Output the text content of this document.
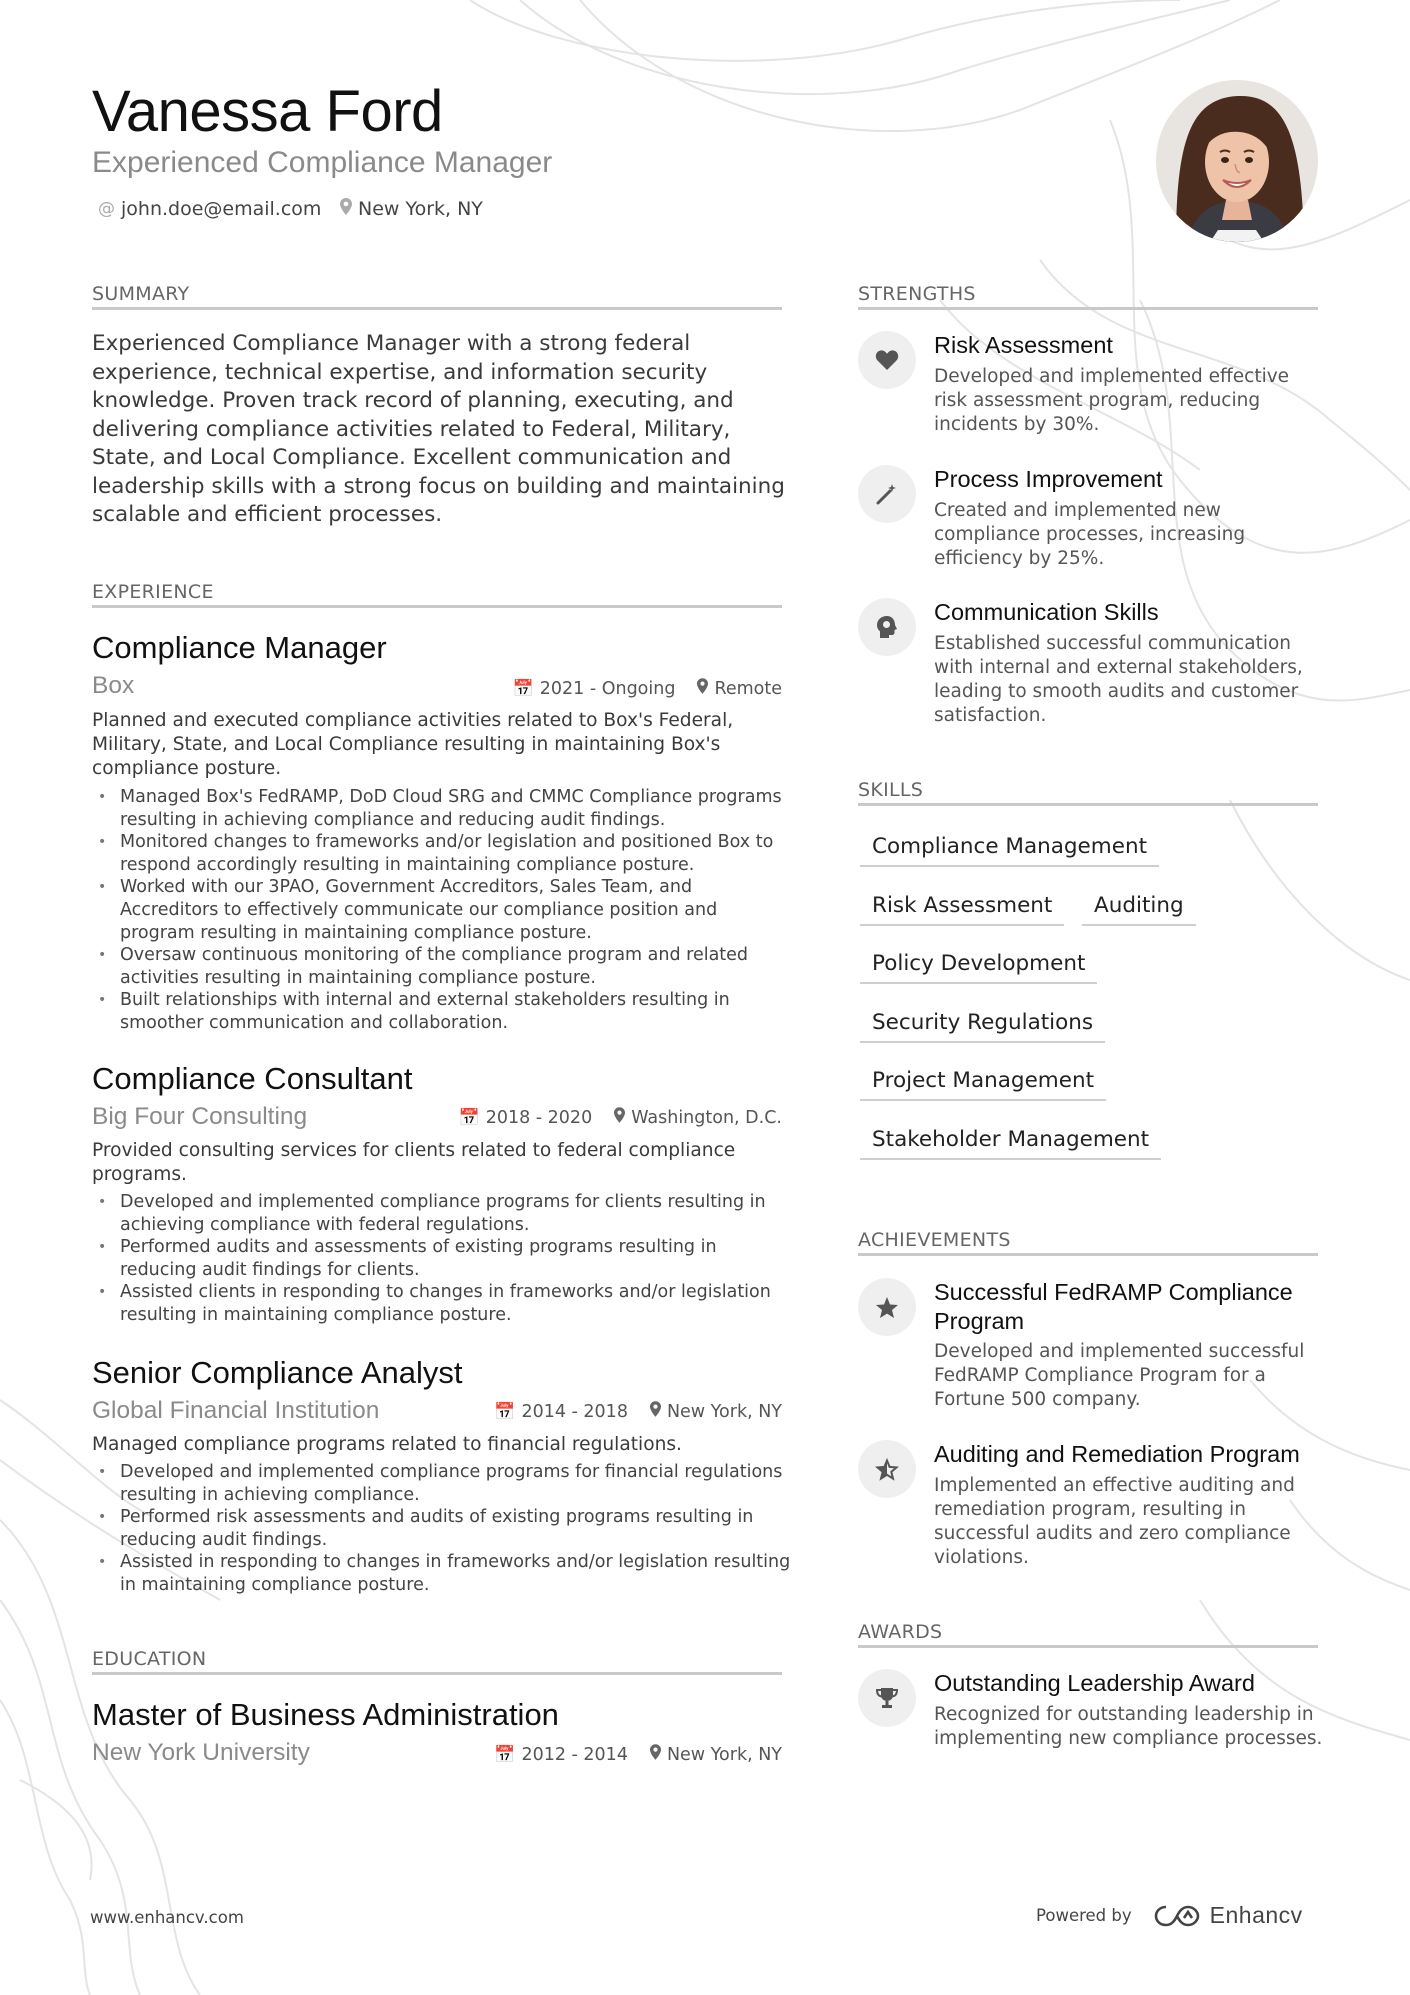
Vanessa Ford
Experienced Compliance Manager
@ john.doe@email.com New York, NY
SUMMARY
Experienced Compliance Manager with a strong federal experience, technical expertise, and information security knowledge. Proven track record of planning, executing, and delivering compliance activities related to Federal, Military, State, and Local Compliance. Excellent communication and leadership skills with a strong focus on building and maintaining scalable and efficient processes.
EXPERIENCE
Compliance Manager
Box	📅 2021 - Ongoing Remote
Planned and executed compliance activities related to Box's Federal, Military, State, and Local Compliance resulting in maintaining Box's compliance posture.
• Managed Box's FedRAMP, DoD Cloud SRG and CMMC Compliance programs resulting in achieving compliance and reducing audit findings.
• Monitored changes to frameworks and/or legislation and positioned Box to respond accordingly resulting in maintaining compliance posture.
• Worked with our 3PAO, Government Accreditors, Sales Team, and Accreditors to effectively communicate our compliance position and program resulting in maintaining compliance posture.
• Oversaw continuous monitoring of the compliance program and related activities resulting in maintaining compliance posture.
• Built relationships with internal and external stakeholders resulting in smoother communication and collaboration.
Compliance Consultant
Big Four Consulting	📅 2018 - 2020 Washington, D.C.
Provided consulting services for clients related to federal compliance programs.
• Developed and implemented compliance programs for clients resulting in achieving compliance with federal regulations.
• Performed audits and assessments of existing programs resulting in reducing audit findings for clients.
• Assisted clients in responding to changes in frameworks and/or legislation resulting in maintaining compliance posture.
Senior Compliance Analyst
Global Financial Institution	📅 2014 - 2018 New York, NY
Managed compliance programs related to financial regulations.
• Developed and implemented compliance programs for financial regulations resulting in achieving compliance.
• Performed risk assessments and audits of existing programs resulting in reducing audit findings.
• Assisted in responding to changes in frameworks and/or legislation resulting in maintaining compliance posture.
EDUCATION
Master of Business Administration
New York University	📅 2012 - 2014 New York, NY
STRENGTHS
Risk Assessment
Developed and implemented effective risk assessment program, reducing incidents by 30%.
Process Improvement
Created and implemented new compliance processes, increasing efficiency by 25%.
Communication Skills
Established successful communication with internal and external stakeholders, leading to smooth audits and customer satisfaction.
SKILLS
Compliance Management
Risk Assessment	Auditing
Policy Development
Security Regulations
Project Management
Stakeholder Management
ACHIEVEMENTS
Successful FedRAMP Compliance Program
Developed and implemented successful FedRAMP Compliance Program for a Fortune 500 company.
Auditing and Remediation Program
Implemented an effective auditing and remediation program, resulting in successful audits and zero compliance violations.
AWARDS
Outstanding Leadership Award
Recognized for outstanding leadership in implementing new compliance processes.
www.enhancv.com	Powered by	Enhancv
